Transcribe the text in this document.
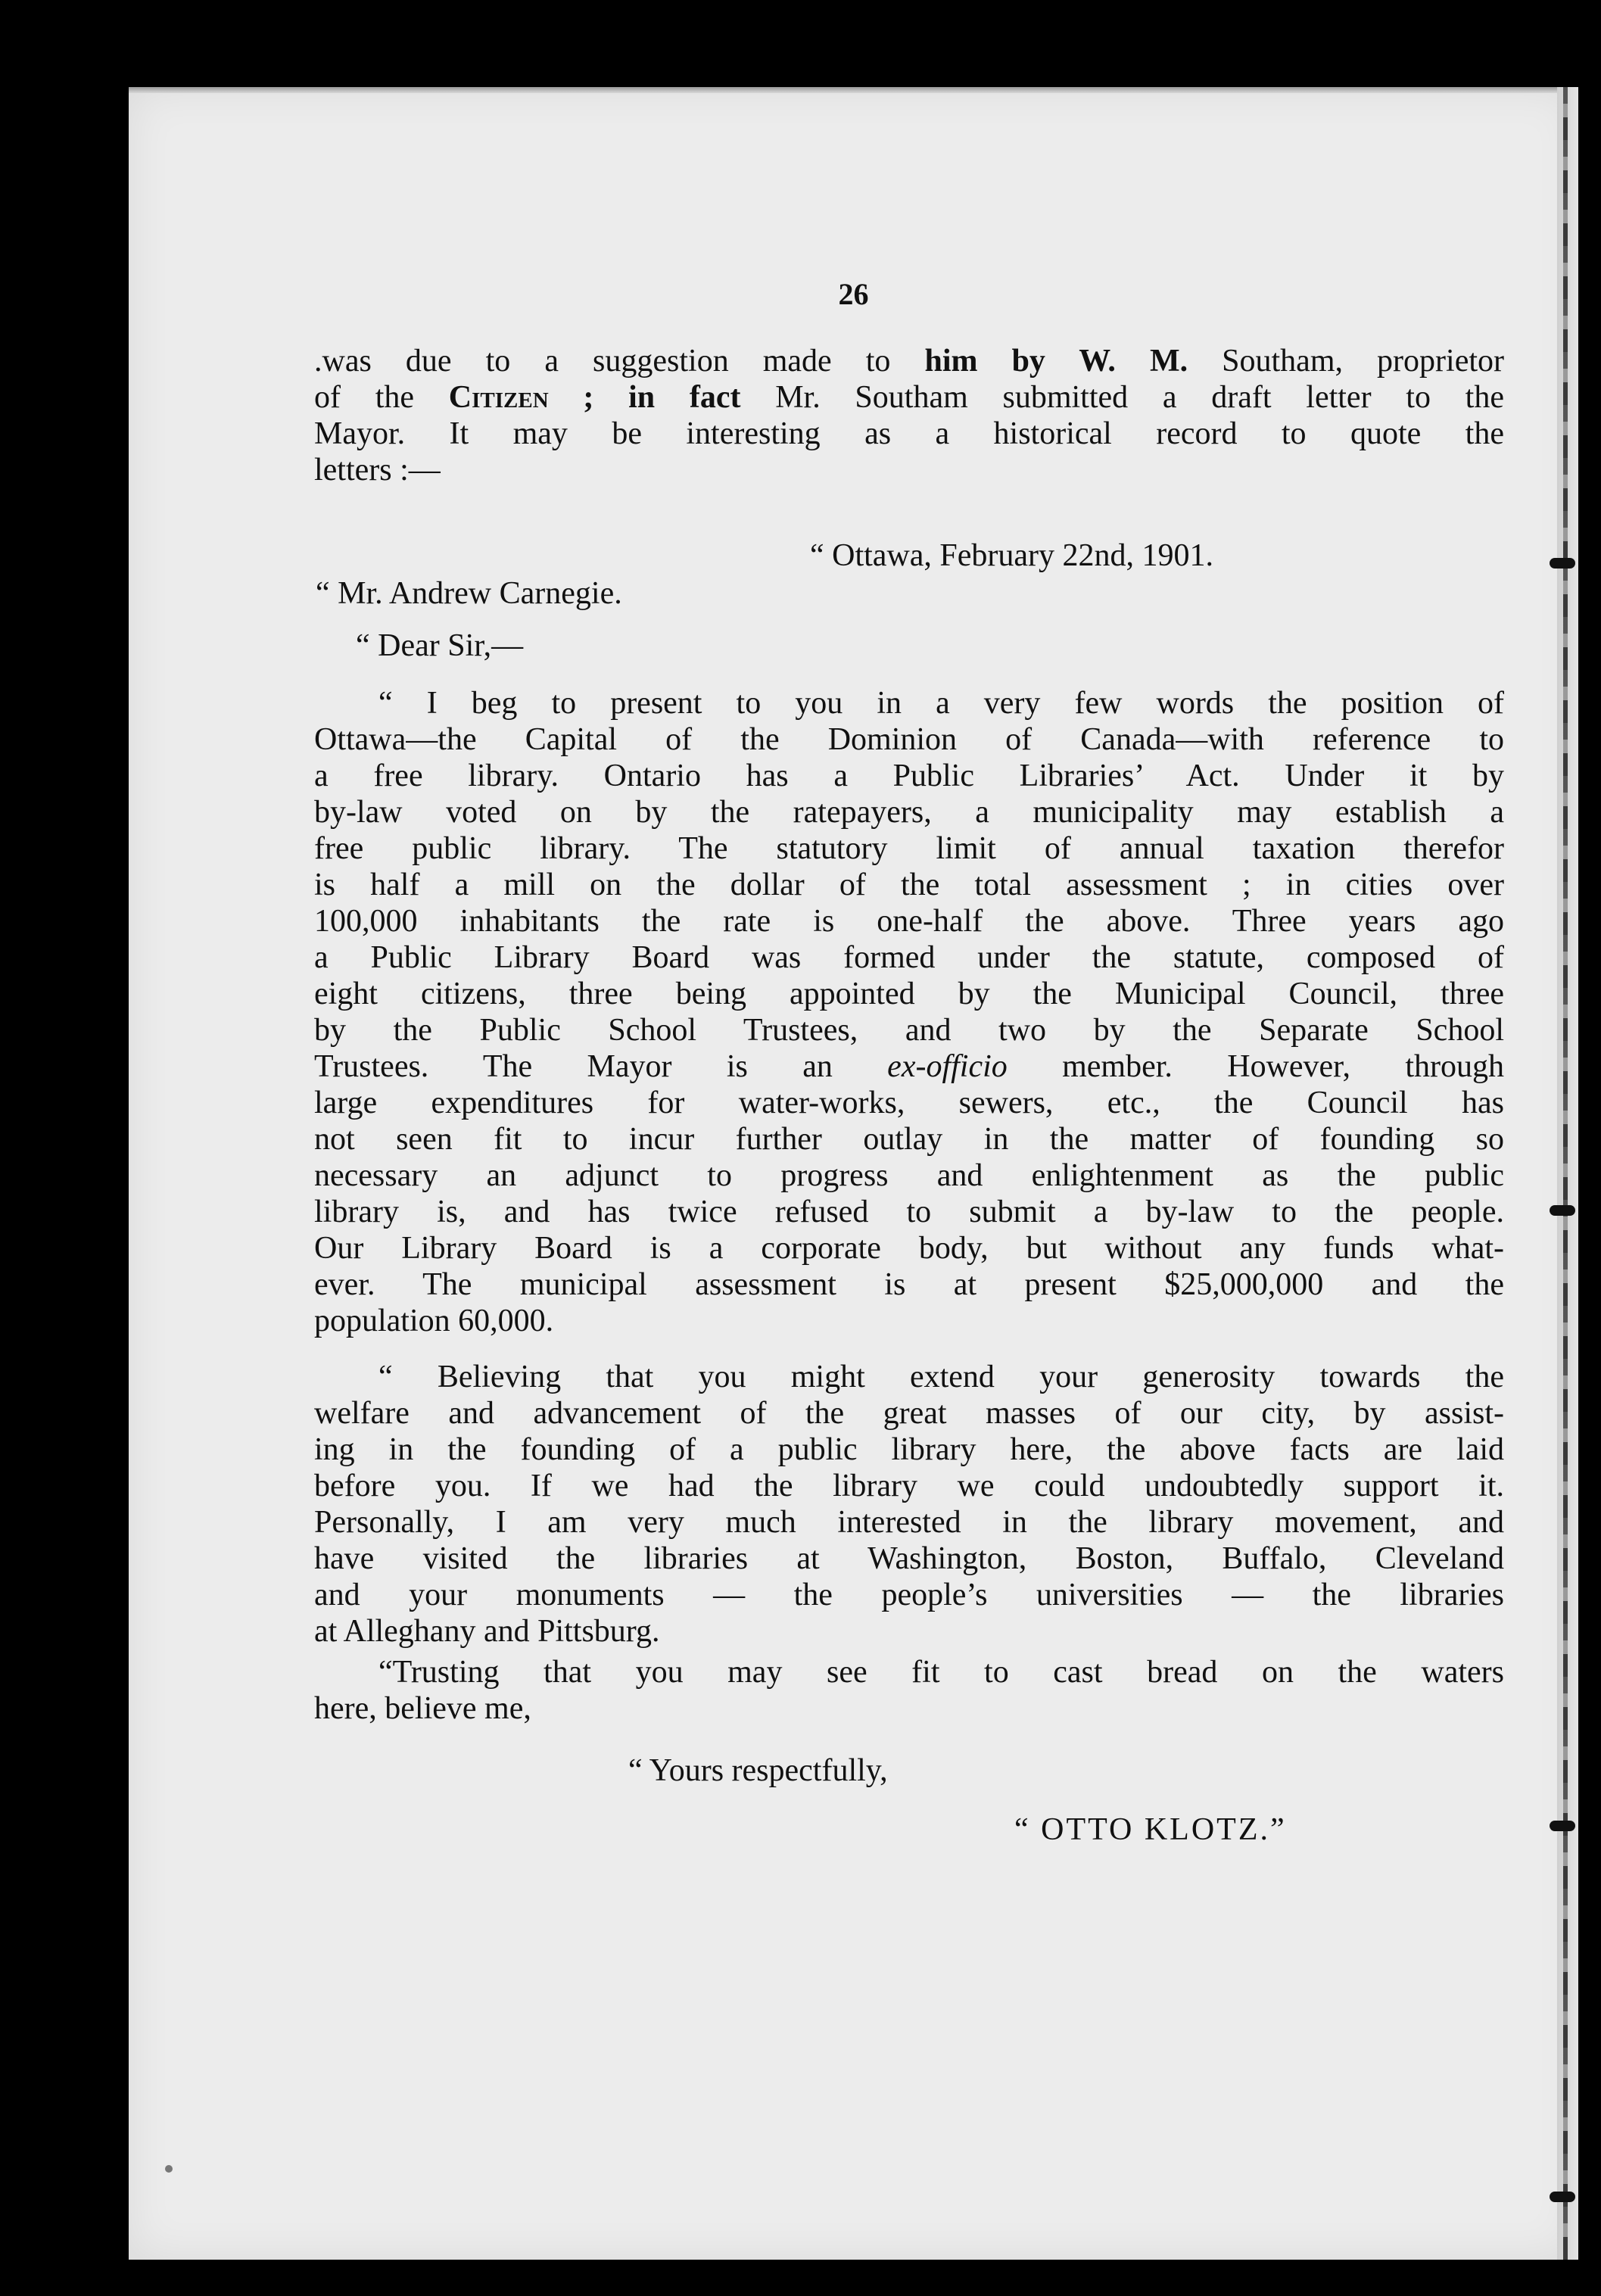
26
.was due to a suggestion made to him by W. M. Southam, proprietor
of the Citizen ; in fact Mr. Southam submitted a draft letter to the
Mayor. It may be interesting as a historical record to quote the
letters :—
“ Ottawa, February 22nd, 1901.
“ Mr. Andrew Carnegie.
“ Dear Sir,—
“ I beg to present to you in a very few words the position of
Ottawa—the Capital of the Dominion of Canada—with reference to
a free library. Ontario has a Public Libraries’ Act. Under it by
by-law voted on by the ratepayers, a municipality may establish a
free public library. The statutory limit of annual taxation therefor
is half a mill on the dollar of the total assessment ; in cities over
100,000 inhabitants the rate is one-half the above. Three years ago
a Public Library Board was formed under the statute, composed of
eight citizens, three being appointed by the Municipal Council, three
by the Public School Trustees, and two by the Separate School
Trustees. The Mayor is an ex-officio member. However, through
large expenditures for water-works, sewers, etc., the Council has
not seen fit to incur further outlay in the matter of founding so
necessary an adjunct to progress and enlightenment as the public
library is, and has twice refused to submit a by-law to the people.
Our Library Board is a corporate body, but without any funds what-
ever. The municipal assessment is at present $25,000,000 and the
population 60,000.
“ Believing that you might extend your generosity towards the
welfare and advancement of the great masses of our city, by assist-
ing in the founding of a public library here, the above facts are laid
before you. If we had the library we could undoubtedly support it.
Personally, I am very much interested in the library movement, and
have visited the libraries at Washington, Boston, Buffalo, Cleveland
and your monuments — the people’s universities — the libraries
at Alleghany and Pittsburg.
“Trusting that you may see fit to cast bread on the waters
here, believe me,
“ Yours respectfully,
“ OTTO KLOTZ.”
